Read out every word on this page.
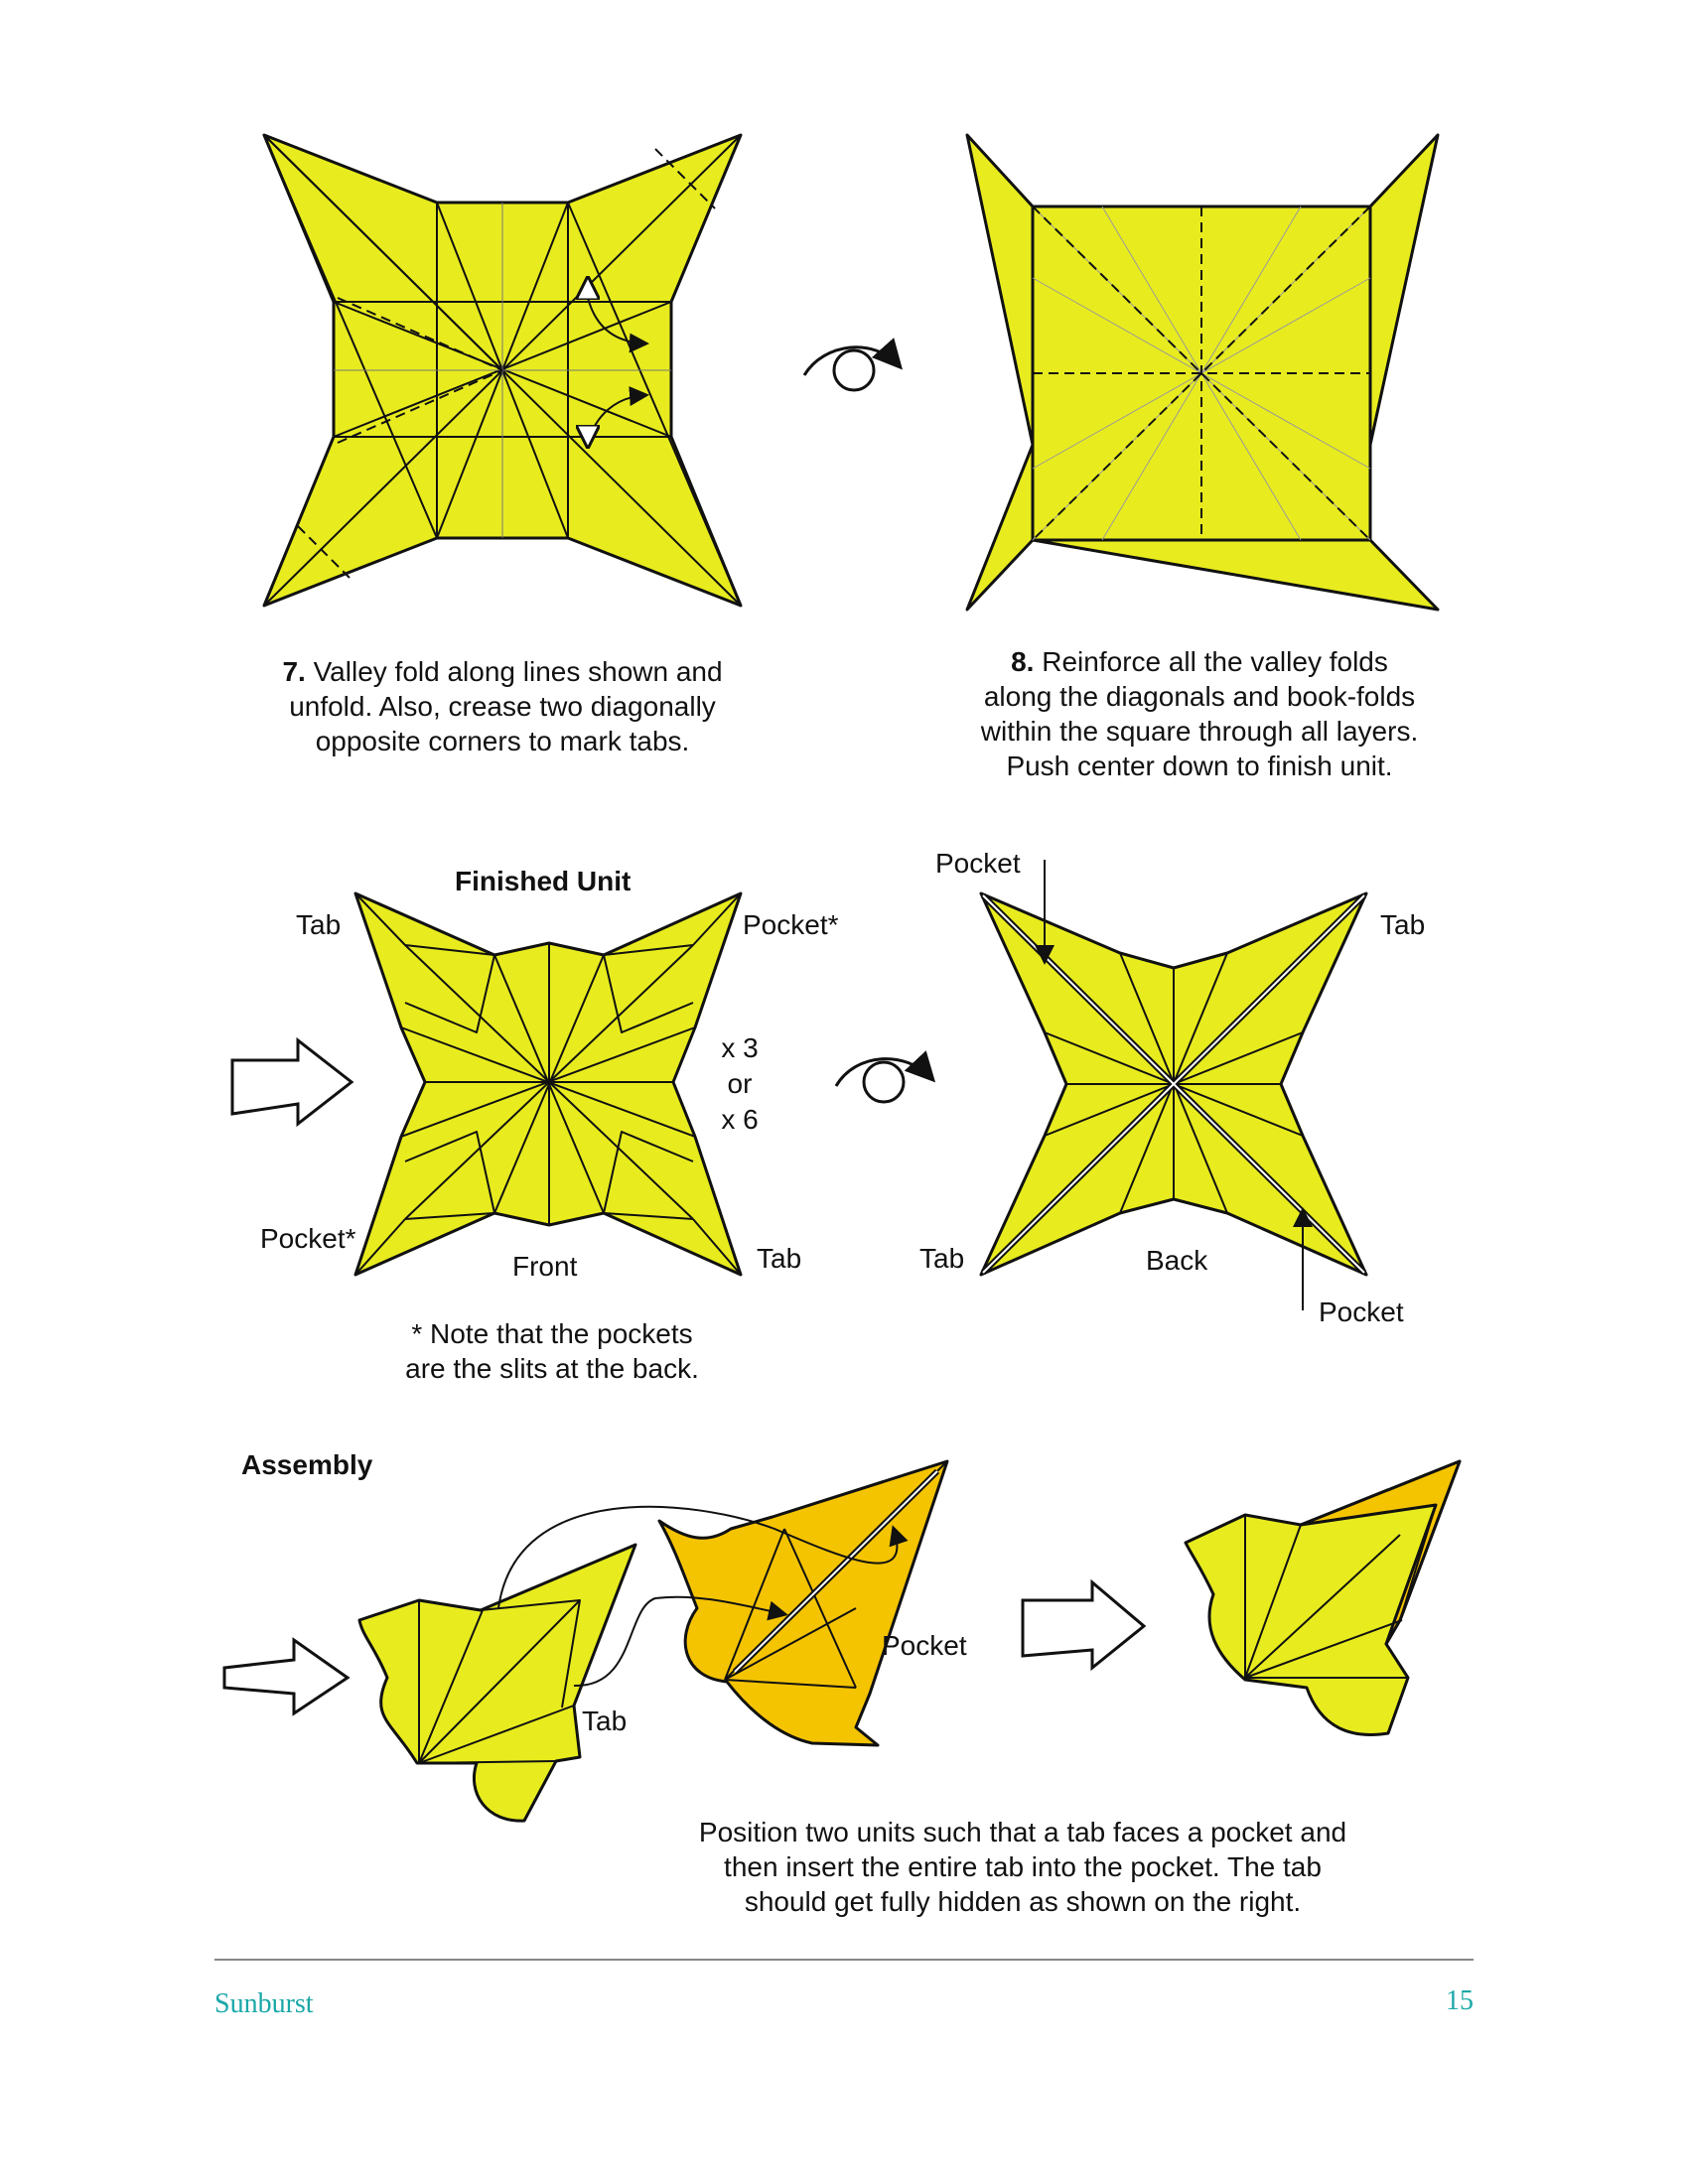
7. Valley fold along lines shown and
unfold. Also, crease two diagonally
opposite corners to mark tabs.

8. Reinforce all the valley folds
along the diagonals and book-folds
within the square through all layers.
Push center down to finish unit.

Finished Unit
Tab	Pocket*
Pocket*
Tab
Front
x 3
or
x 6
Pocket
Tab
Tab	Back
Pocket
* Note that the pockets
are the slits at the back.
Assembly
Tab
Pocket
Position two units such that a tab faces a pocket and
then insert the entire tab into the pocket. The tab
should get fully hidden as shown on the right.
Sunburst	15
